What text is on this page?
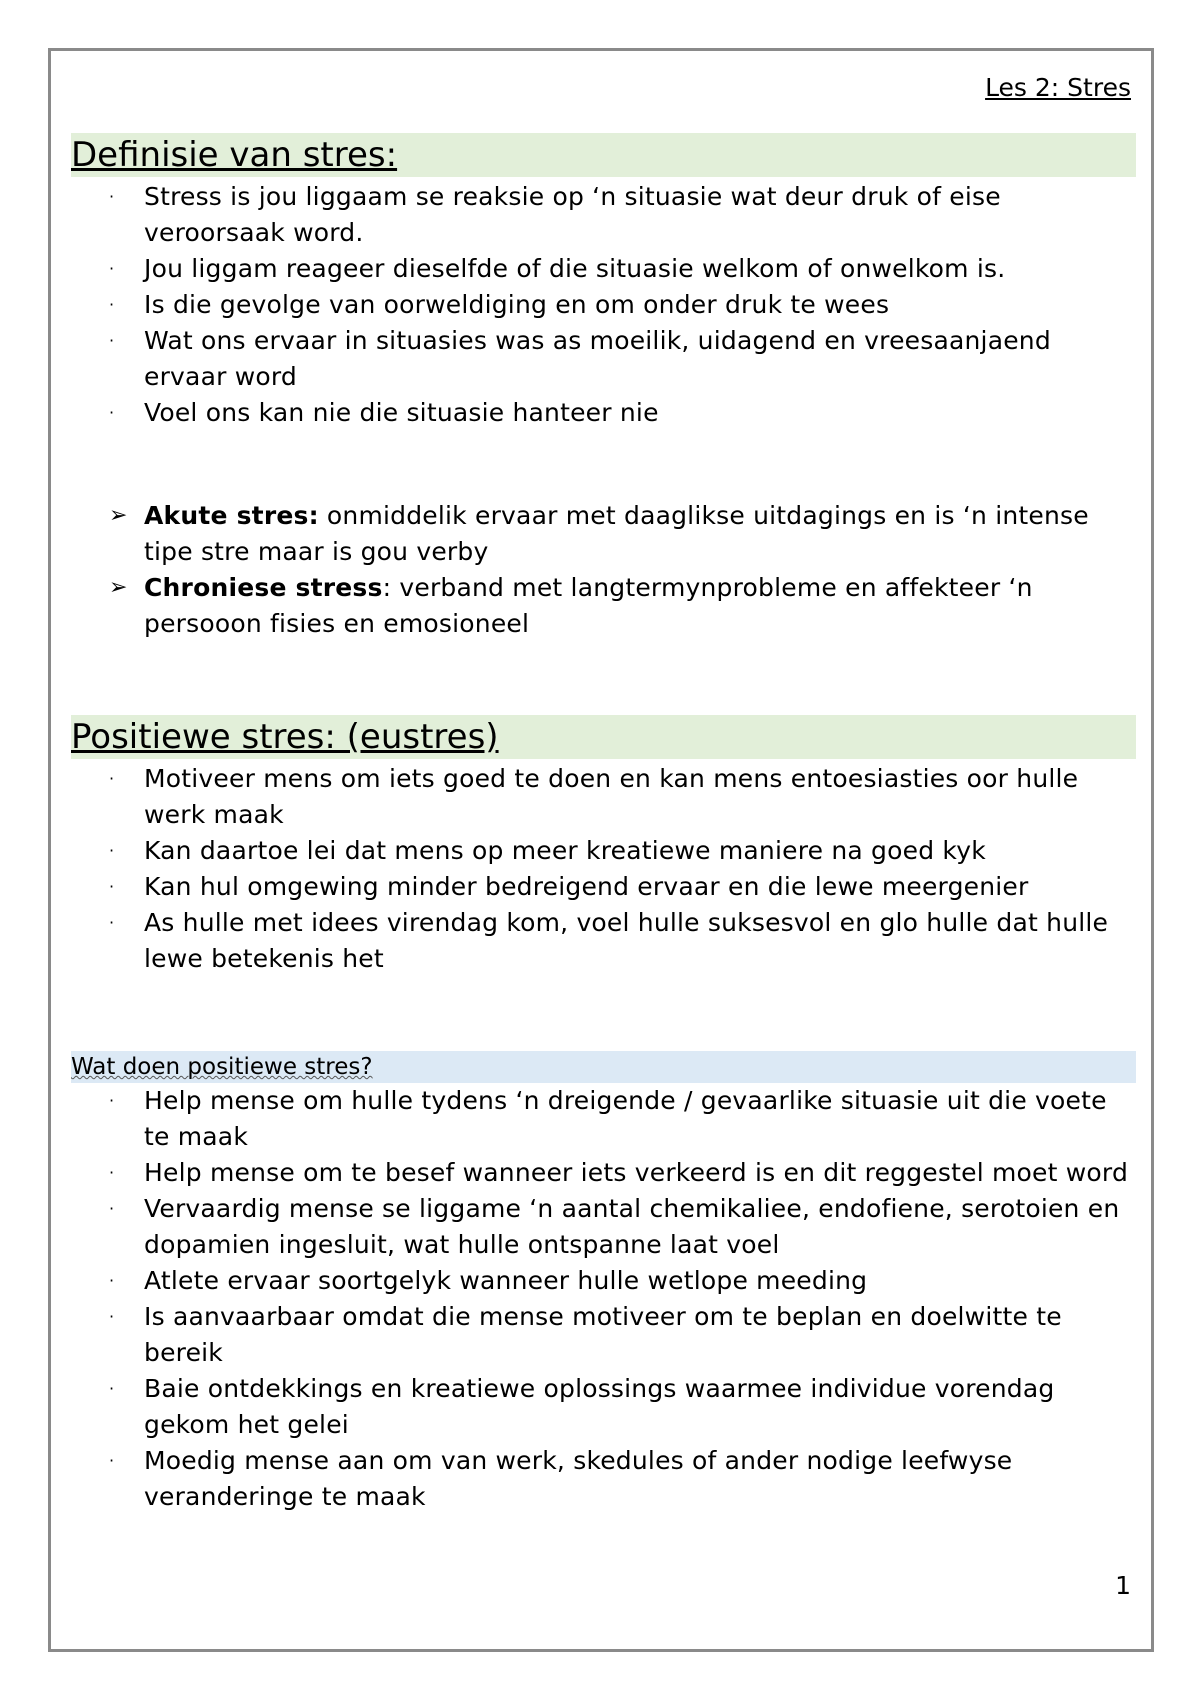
Les 2: Stres
Definisie van stres:
·	Stress is jou liggaam se reaksie op ‘n situasie wat deur druk of eise veroorsaak word.
·	Jou liggam reageer dieselfde of die situasie welkom of onwelkom is.
·	Is die gevolge van oorweldiging en om onder druk te wees
·	Wat ons ervaar in situasies was as moeilik, uidagend en vreesaanjaend ervaar word
·	Voel ons kan nie die situasie hanteer nie
➢ Akute stres: onmiddelik ervaar met daaglikse uitdagings en is ‘n intense tipe stre maar is gou verby
➢ Chroniese stress: verband met langtermynprobleme en affekteer ‘n persooon fisies en emosioneel
Positiewe stres: (eustres)
·	Motiveer mens om iets goed te doen en kan mens entoesiasties oor hulle werk maak
·	Kan daartoe lei dat mens op meer kreatiewe maniere na goed kyk
·	Kan hul omgewing minder bedreigend ervaar en die lewe meergenier
·	As hulle met idees virendag kom, voel hulle suksesvol en glo hulle dat hulle lewe betekenis het
Wat doen positiewe stres?
·	Help mense om hulle tydens ‘n dreigende / gevaarlike situasie uit die voete te maak
·	Help mense om te besef wanneer iets verkeerd is en dit reggestel moet word
·	Vervaardig mense se liggame ‘n aantal chemikaliee, endofiene, serotoien en dopamien ingesluit, wat hulle ontspanne laat voel
·	Atlete ervaar soortgelyk wanneer hulle wetlope meeding
·	Is aanvaarbaar omdat die mense motiveer om te beplan en doelwitte te bereik
·	Baie ontdekkings en kreatiewe oplossings waarmee individue vorendag gekom het gelei
·	Moedig mense aan om van werk, skedules of ander nodige leefwyse veranderinge te maak
1
